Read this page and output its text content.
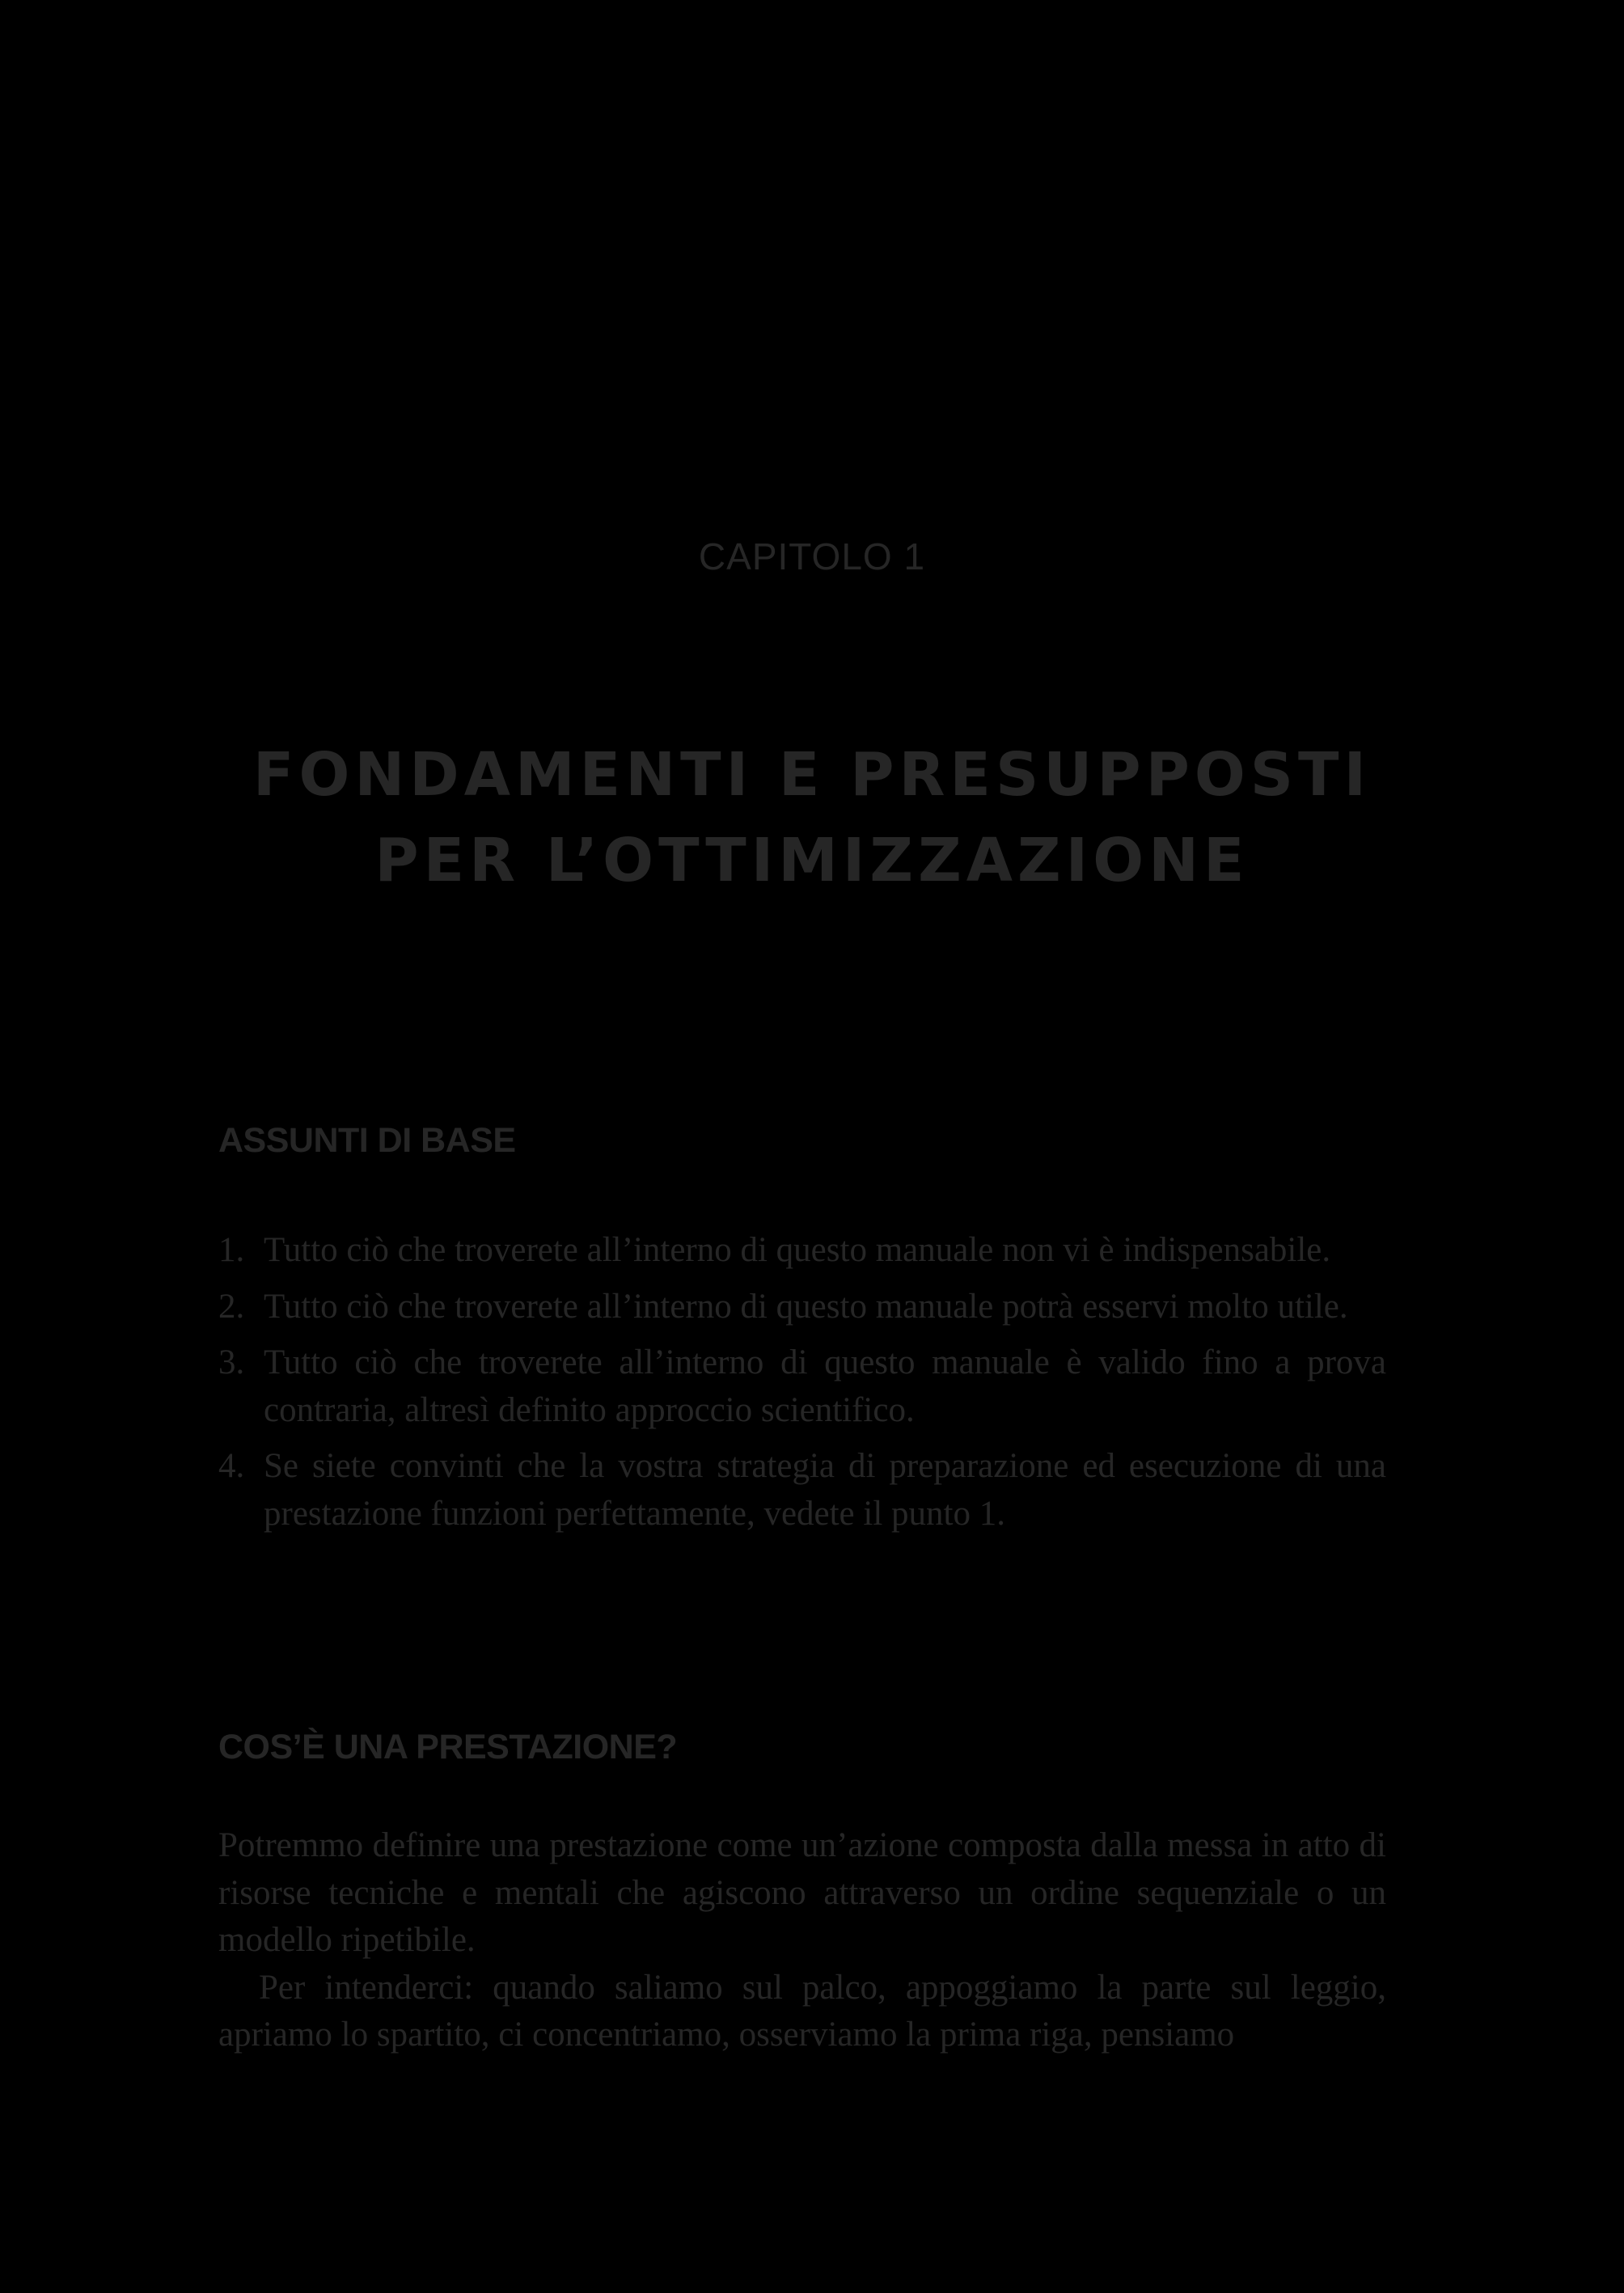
CAPITOLO 1
FONDAMENTI E PRESUPPOSTI
PER L’OTTIMIZZAZIONE
ASSUNTI DI BASE
1. Tutto ciò che troverete all’interno di questo manuale non vi è indispensabile.
2. Tutto ciò che troverete all’interno di questo manuale potrà esservi molto utile.
3. Tutto ciò che troverete all’interno di questo manuale è valido fino a prova contraria, altresì definito approccio scientifico.
4. Se siete convinti che la vostra strategia di preparazione ed esecuzione di una prestazione funzioni perfettamente, vedete il punto 1.
COS’È UNA PRESTAZIONE?

Potremmo definire una prestazione come un’azione composta dalla messa in atto di risorse tecniche e mentali che agiscono attraverso un ordine sequenziale o un modello ripetibile.

Per intenderci: quando saliamo sul palco, appoggiamo la parte sul leggio, apriamo lo spartito, ci concentriamo, osserviamo la prima riga, pensiamo
